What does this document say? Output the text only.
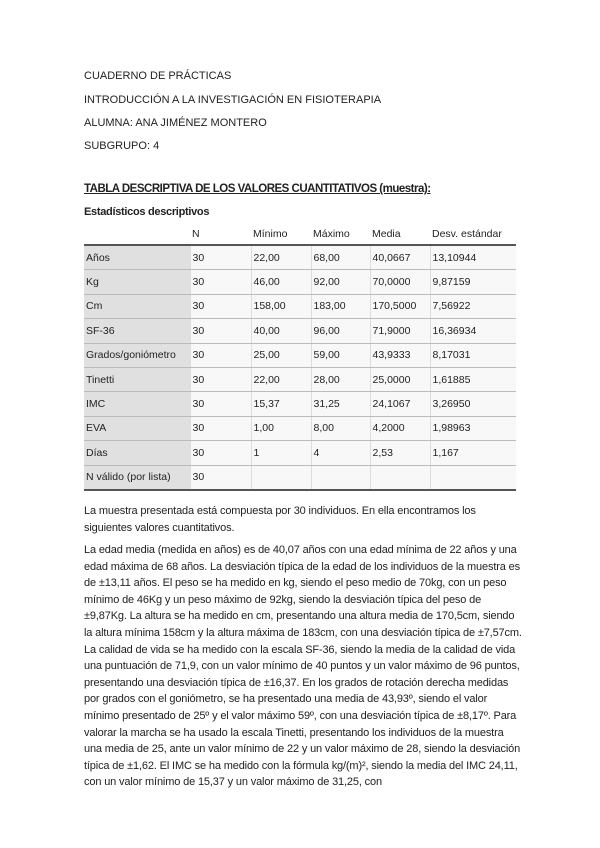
CUADERNO DE PRÁCTICAS
INTRODUCCIÓN A LA INVESTIGACIÓN EN FISIOTERAPIA
ALUMNA: ANA JIMÉNEZ MONTERO
SUBGRUPO: 4
TABLA DESCRIPTIVA DE LOS VALORES CUANTITATIVOS (muestra):
Estadísticos descriptivos
	N	Mínimo	Máximo	Media	Desv. estándar
Años	30	22,00	68,00	40,0667	13,10944
Kg	30	46,00	92,00	70,0000	9,87159
Cm	30	158,00	183,00	170,5000	7,56922
SF-36	30	40,00	96,00	71,9000	16,36934
Grados/goniómetro	30	25,00	59,00	43,9333	8,17031
Tinetti	30	22,00	28,00	25,0000	1,61885
IMC	30	15,37	31,25	24,1067	3,26950
EVA	30	1,00	8,00	4,2000	1,98963
Días	30	1	4	2,53	1,167
N válido (por lista)	30				
La muestra presentada está compuesta por 30 individuos. En ella encontramos los siguientes valores cuantitativos.
La edad media (medida en años) es de 40,07 años con una edad mínima de 22 años y una edad máxima de 68 años. La desviación típica de la edad de los individuos de la muestra es de ±13,11 años. El peso se ha medido en kg, siendo el peso medio de 70kg, con un peso mínimo de 46Kg y un peso máximo de 92kg, siendo la desviación típica del peso de ±9,87Kg. La altura se ha medido en cm, presentando una altura media de 170,5cm, siendo la altura mínima 158cm y la altura máxima de 183cm, con una desviación típica de ±7,57cm. La calidad de vida se ha medido con la escala SF-36, siendo la media de la calidad de vida una puntuación de 71,9, con un valor mínimo de 40 puntos y un valor máximo de 96 puntos, presentando una desviación típica de ±16,37. En los grados de rotación derecha medidas por grados con el goniómetro, se ha presentado una media de 43,93º, siendo el valor mínimo presentado de 25º y el valor máximo 59º, con una desviación típica de ±8,17º. Para valorar la marcha se ha usado la escala Tinetti, presentando los individuos de la muestra una media de 25, ante un valor mínimo de 22 y un valor máximo de 28, siendo la desviación típica de ±1,62. El IMC se ha medido con la fórmula kg/(m)², siendo la media del IMC 24,11, con un valor mínimo de 15,37 y un valor máximo de 31,25, con
